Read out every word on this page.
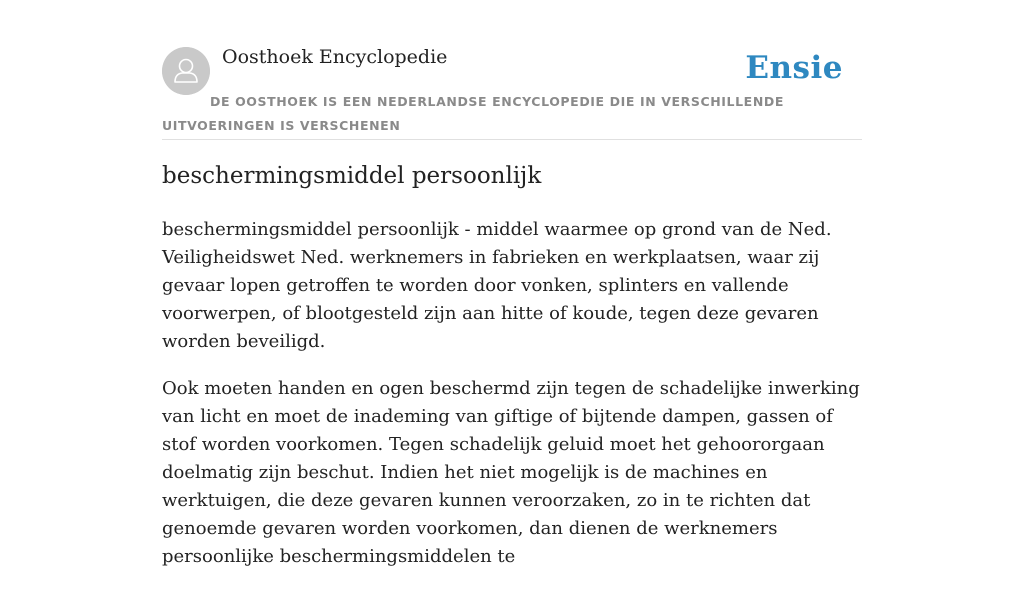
Oosthoek Encyclopedie	Ensie
DE OOSTHOEK IS EEN NEDERLANDSE ENCYCLOPEDIE DIE IN VERSCHILLENDE UITVOERINGEN IS VERSCHENEN
beschermingsmiddel persoonlijk

beschermingsmiddel persoonlijk - middel waarmee op grond van de Ned. Veiligheidswet Ned. werknemers in fabrieken en werkplaatsen, waar zij gevaar lopen getroffen te worden door vonken, splinters en vallende voorwerpen, of blootgesteld zijn aan hitte of koude, tegen deze gevaren worden beveiligd.

Ook moeten handen en ogen beschermd zijn tegen de schadelijke inwerking van licht en moet de inademing van giftige of bijtende dampen, gassen of stof worden voorkomen. Tegen schadelijk geluid moet het gehoororgaan doelmatig zijn beschut. Indien het niet mogelijk is de machines en werktuigen, die deze gevaren kunnen veroorzaken, zo in te richten dat genoemde gevaren worden voorkomen, dan dienen de werknemers persoonlijke beschermingsmiddelen te
